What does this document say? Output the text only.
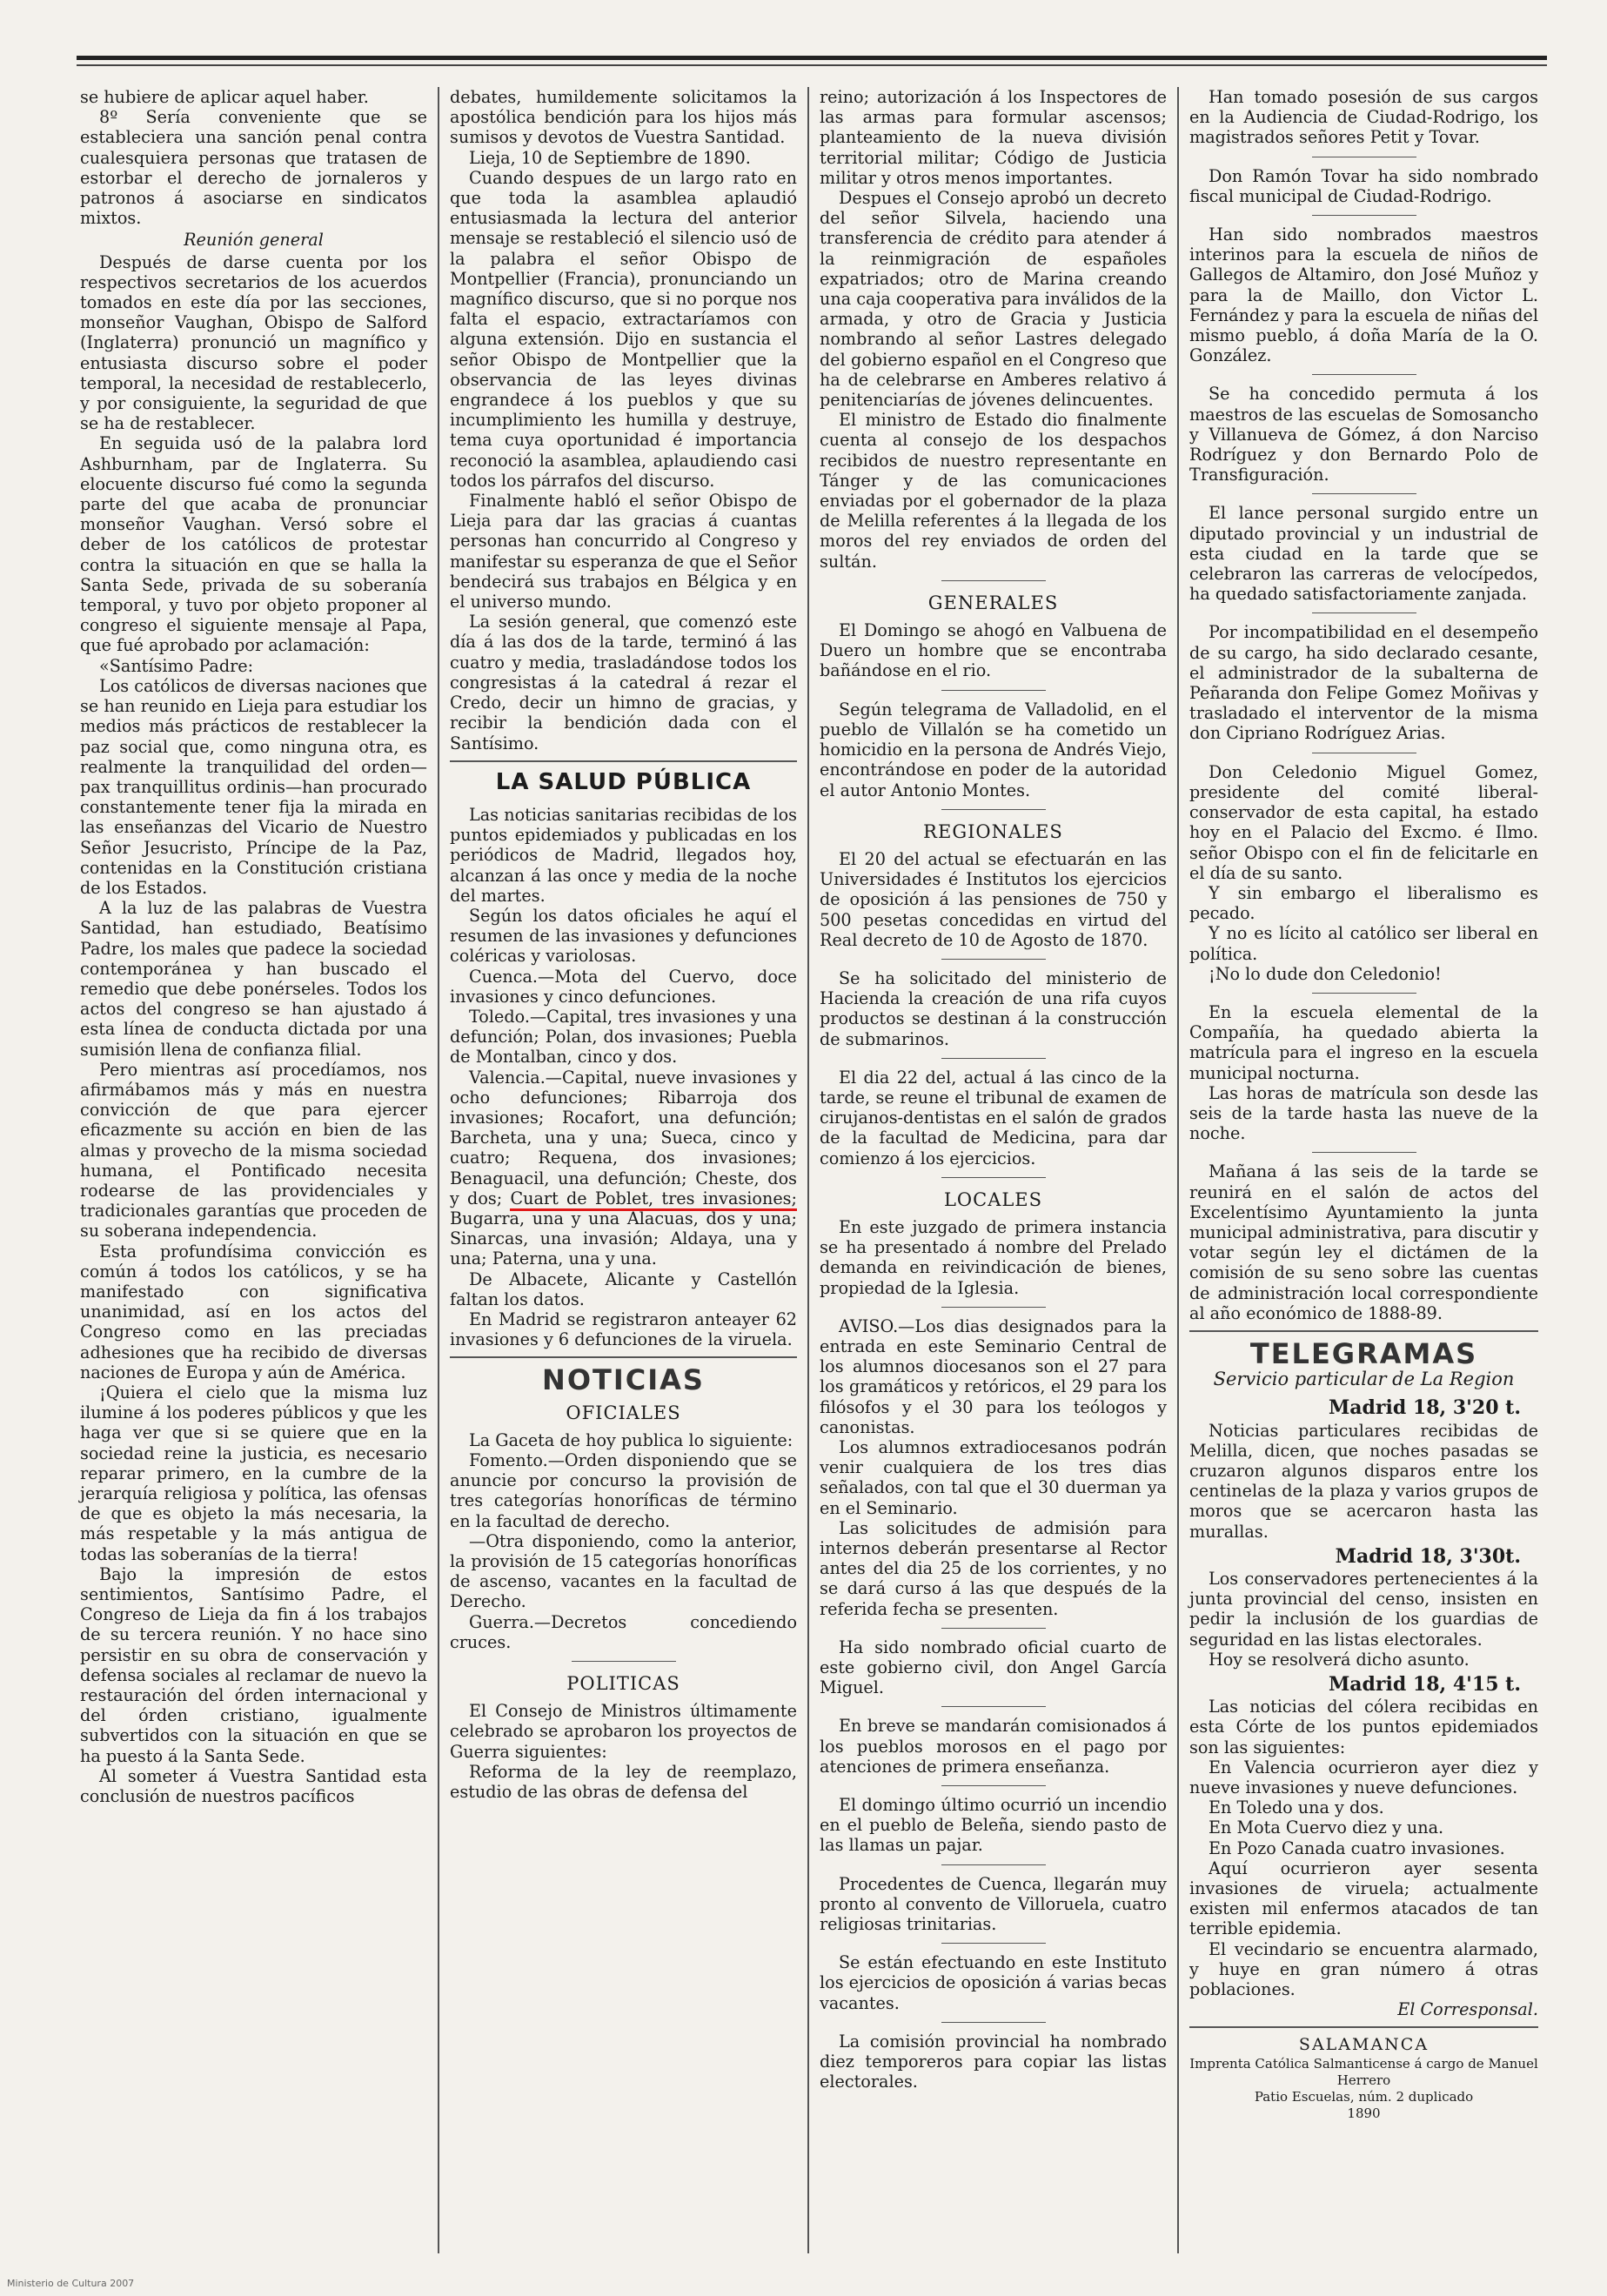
se hubiere de aplicar aquel haber.

8º Sería conveniente que se estableciera una sanción penal contra cualesquiera personas que tratasen de estorbar el derecho de jornaleros y patronos á asociarse en sindicatos mixtos.

Reunión general

Después de darse cuenta por los respectivos secretarios de los acuerdos tomados en este día por las secciones, monseñor Vaughan, Obispo de Salford (Inglaterra) pronunció un magnífico y entusiasta discurso sobre el poder temporal, la necesidad de restablecerlo, y por consiguiente, la seguridad de que se ha de restablecer.

En seguida usó de la palabra lord Ashburnham, par de Inglaterra. Su elocuente discurso fué como la segunda parte del que acaba de pronunciar monseñor Vaughan. Versó sobre el deber de los católicos de protestar contra la situación en que se halla la Santa Sede, privada de su soberanía temporal, y tuvo por objeto proponer al congreso el siguiente mensaje al Papa, que fué aprobado por aclamación:

«Santísimo Padre:

Los católicos de diversas naciones que se han reunido en Lieja para estudiar los medios más prácticos de restablecer la paz social que, como ninguna otra, es realmente la tranquilidad del orden—pax tranquillitus ordinis—han procurado constantemente tener fija la mirada en las enseñanzas del Vicario de Nuestro Señor Jesucristo, Príncipe de la Paz, contenidas en la Constitución cristiana de los Estados.

A la luz de las palabras de Vuestra Santidad, han estudiado, Beatísimo Padre, los males que padece la sociedad contemporánea y han buscado el remedio que debe ponérseles. Todos los actos del congreso se han ajustado á esta línea de conducta dictada por una sumisión llena de confianza filial.

Pero mientras así procedíamos, nos afirmábamos más y más en nuestra convicción de que para ejercer eficazmente su acción en bien de las almas y provecho de la misma sociedad humana, el Pontificado necesita rodearse de las providenciales y tradicionales garantías que proceden de su soberana independencia.

Esta profundísima convicción es común á todos los católicos, y se ha manifestado con significativa unanimidad, así en los actos del Congreso como en las preciadas adhesiones que ha recibido de diversas naciones de Europa y aún de América.

¡Quiera el cielo que la misma luz ilumine á los poderes públicos y que les haga ver que si se quiere que en la sociedad reine la justicia, es necesario reparar primero, en la cumbre de la jerarquía religiosa y política, las ofensas de que es objeto la más necesaria, la más respetable y la más antigua de todas las soberanías de la tierra!

Bajo la impresión de estos sentimientos, Santísimo Padre, el Congreso de Lieja da fin á los trabajos de su tercera reunión. Y no hace sino persistir en su obra de conservación y defensa sociales al reclamar de nuevo la restauración del órden internacional y del órden cristiano, igualmente subvertidos con la situación en que se ha puesto á la Santa Sede.

Al someter á Vuestra Santidad esta conclusión de nuestros pacíficos

debates, humildemente solicitamos la apostólica bendición para los hijos más sumisos y devotos de Vuestra Santidad.

Lieja, 10 de Septiembre de 1890.

Cuando despues de un largo rato en que toda la asamblea aplaudió entusiasmada la lectura del anterior mensaje se restableció el silencio usó de la palabra el señor Obispo de Montpellier (Francia), pronunciando un magnífico discurso, que si no porque nos falta el espacio, extractaríamos con alguna extensión. Dijo en sustancia el señor Obispo de Montpellier que la observancia de las leyes divinas engrandece á los pueblos y que su incumplimiento les humilla y destruye, tema cuya oportunidad é importancia reconoció la asamblea, aplaudiendo casi todos los párrafos del discurso.

Finalmente habló el señor Obispo de Lieja para dar las gracias á cuantas personas han concurrido al Congreso y manifestar su esperanza de que el Señor bendecirá sus trabajos en Bélgica y en el universo mundo.

La sesión general, que comenzó este día á las dos de la tarde, terminó á las cuatro y media, trasladándose todos los congresistas á la catedral á rezar el Credo, decir un himno de gracias, y recibir la bendición dada con el Santísimo.

LA SALUD PÚBLICA

Las noticias sanitarias recibidas de los puntos epidemiados y publicadas en los periódicos de Madrid, llegados hoy, alcanzan á las once y media de la noche del martes.

Según los datos oficiales he aquí el resumen de las invasiones y defunciones coléricas y variolosas.

Cuenca.—Mota del Cuervo, doce invasiones y cinco defunciones.

Toledo.—Capital, tres invasiones y una defunción; Polan, dos invasiones; Puebla de Montalban, cinco y dos.

Valencia.—Capital, nueve invasiones y ocho defunciones; Ribarroja dos invasiones; Rocafort, una defunción; Barcheta, una y una; Sueca, cinco y cuatro; Requena, dos invasiones; Benaguacil, una defunción; Cheste, dos y dos; Cuart de Poblet, tres invasiones; Bugarra, una y una Alacuas, dos y una; Sinarcas, una invasión; Aldaya, una y una; Paterna, una y una.

De Albacete, Alicante y Castellón faltan los datos.

En Madrid se registraron anteayer 62 invasiones y 6 defunciones de la viruela.

NOTICIAS
OFICIALES

La Gaceta de hoy publica lo siguiente:

Fomento.—Orden disponiendo que se anuncie por concurso la provisión de tres categorías honoríficas de término en la facultad de derecho.

—Otra disponiendo, como la anterior, la provisión de 15 categorías honoríficas de ascenso, vacantes en la facultad de Derecho.

Guerra.—Decretos concediendo cruces.

POLITICAS

El Consejo de Ministros últimamente celebrado se aprobaron los proyectos de Guerra siguientes:

Reforma de la ley de reemplazo, estudio de las obras de defensa del

reino; autorización á los Inspectores de las armas para formular ascensos; planteamiento de la nueva división territorial militar; Código de Justicia militar y otros menos importantes.

Despues el Consejo aprobó un decreto del señor Silvela, haciendo una transferencia de crédito para atender á la reinmigración de españoles expatriados; otro de Marina creando una caja cooperativa para inválidos de la armada, y otro de Gracia y Justicia nombrando al señor Lastres delegado del gobierno español en el Congreso que ha de celebrarse en Amberes relativo á penitenciarías de jóvenes delincuentes.

El ministro de Estado dio finalmente cuenta al consejo de los despachos recibidos de nuestro representante en Tánger y de las comunicaciones enviadas por el gobernador de la plaza de Melilla referentes á la llegada de los moros del rey enviados de orden del sultán.

GENERALES

El Domingo se ahogó en Valbuena de Duero un hombre que se encontraba bañándose en el rio.

Según telegrama de Valladolid, en el pueblo de Villalón se ha cometido un homicidio en la persona de Andrés Viejo, encontrándose en poder de la autoridad el autor Antonio Montes.

REGIONALES

El 20 del actual se efectuarán en las Universidades é Institutos los ejercicios de oposición á las pensiones de 750 y 500 pesetas concedidas en virtud del Real decreto de 10 de Agosto de 1870.

Se ha solicitado del ministerio de Hacienda la creación de una rifa cuyos productos se destinan á la construcción de submarinos.

El dia 22 del, actual á las cinco de la tarde, se reune el tribunal de examen de cirujanos-dentistas en el salón de grados de la facultad de Medicina, para dar comienzo á los ejercicios.

LOCALES

En este juzgado de primera instancia se ha presentado á nombre del Prelado demanda en reivindicación de bienes, propiedad de la Iglesia.

AVISO.—Los dias designados para la entrada en este Seminario Central de los alumnos diocesanos son el 27 para los gramáticos y retóricos, el 29 para los filósofos y el 30 para los teólogos y canonistas.

Los alumnos extradiocesanos podrán venir cualquiera de los tres dias señalados, con tal que el 30 duerman ya en el Seminario.

Las solicitudes de admisión para internos deberán presentarse al Rector antes del dia 25 de los corrientes, y no se dará curso á las que después de la referida fecha se presenten.

Ha sido nombrado oficial cuarto de este gobierno civil, don Angel García Miguel.

En breve se mandarán comisionados á los pueblos morosos en el pago por atenciones de primera enseñanza.

El domingo último ocurrió un incendio en el pueblo de Beleña, siendo pasto de las llamas un pajar.

Procedentes de Cuenca, llegarán muy pronto al convento de Villoruela, cuatro religiosas trinitarias.

Se están efectuando en este Instituto los ejercicios de oposición á varias becas vacantes.

La comisión provincial ha nombrado diez temporeros para copiar las listas electorales.

Han tomado posesión de sus cargos en la Audiencia de Ciudad-Rodrigo, los magistrados señores Petit y Tovar.

Don Ramón Tovar ha sido nombrado fiscal municipal de Ciudad-Rodrigo.

Han sido nombrados maestros interinos para la escuela de niños de Gallegos de Altamiro, don José Muñoz y para la de Maillo, don Victor L. Fernández y para la escuela de niñas del mismo pueblo, á doña María de la O. González.

Se ha concedido permuta á los maestros de las escuelas de Somosancho y Villanueva de Gómez, á don Narciso Rodríguez y don Bernardo Polo de Transfiguración.

El lance personal surgido entre un diputado provincial y un industrial de esta ciudad en la tarde que se celebraron las carreras de velocípedos, ha quedado satisfactoriamente zanjada.

Por incompatibilidad en el desempeño de su cargo, ha sido declarado cesante, el administrador de la subalterna de Peñaranda don Felipe Gomez Moñivas y trasladado el interventor de la misma don Cipriano Rodríguez Arias.

Don Celedonio Miguel Gomez, presidente del comité liberal-conservador de esta capital, ha estado hoy en el Palacio del Excmo. é Ilmo. señor Obispo con el fin de felicitarle en el día de su santo.

Y sin embargo el liberalismo es pecado.

Y no es lícito al católico ser liberal en política.

¡No lo dude don Celedonio!

En la escuela elemental de la Compañía, ha quedado abierta la matrícula para el ingreso en la escuela municipal nocturna.

Las horas de matrícula son desde las seis de la tarde hasta las nueve de la noche.

Mañana á las seis de la tarde se reunirá en el salón de actos del Excelentísimo Ayuntamiento la junta municipal administrativa, para discutir y votar según ley el dictámen de la comisión de su seno sobre las cuentas de administración local correspondiente al año económico de 1888-89.

TELEGRAMAS
Servicio particular de La Region
Madrid 18, 3'20 t.

Noticias particulares recibidas de Melilla, dicen, que noches pasadas se cruzaron algunos disparos entre los centinelas de la plaza y varios grupos de moros que se acercaron hasta las murallas.

Madrid 18, 3'30t.

Los conservadores pertenecientes á la junta provincial del censo, insisten en pedir la inclusión de los guardias de seguridad en las listas electorales.

Hoy se resolverá dicho asunto.

Madrid 18, 4'15 t.

Las noticias del cólera recibidas en esta Córte de los puntos epidemiados son las siguientes:

En Valencia ocurrieron ayer diez y nueve invasiones y nueve defunciones.

En Toledo una y dos.

En Mota Cuervo diez y una.

En Pozo Canada cuatro invasiones.

Aquí ocurrieron ayer sesenta invasiones de viruela; actualmente existen mil enfermos atacados de tan terrible epidemia.

El vecindario se encuentra alarmado, y huye en gran número á otras poblaciones.

El Corresponsal.
SALAMANCA
Imprenta Católica Salmanticense á cargo de Manuel Herrero
Patio Escuelas, núm. 2 duplicado
1890
Ministerio de Cultura 2007
